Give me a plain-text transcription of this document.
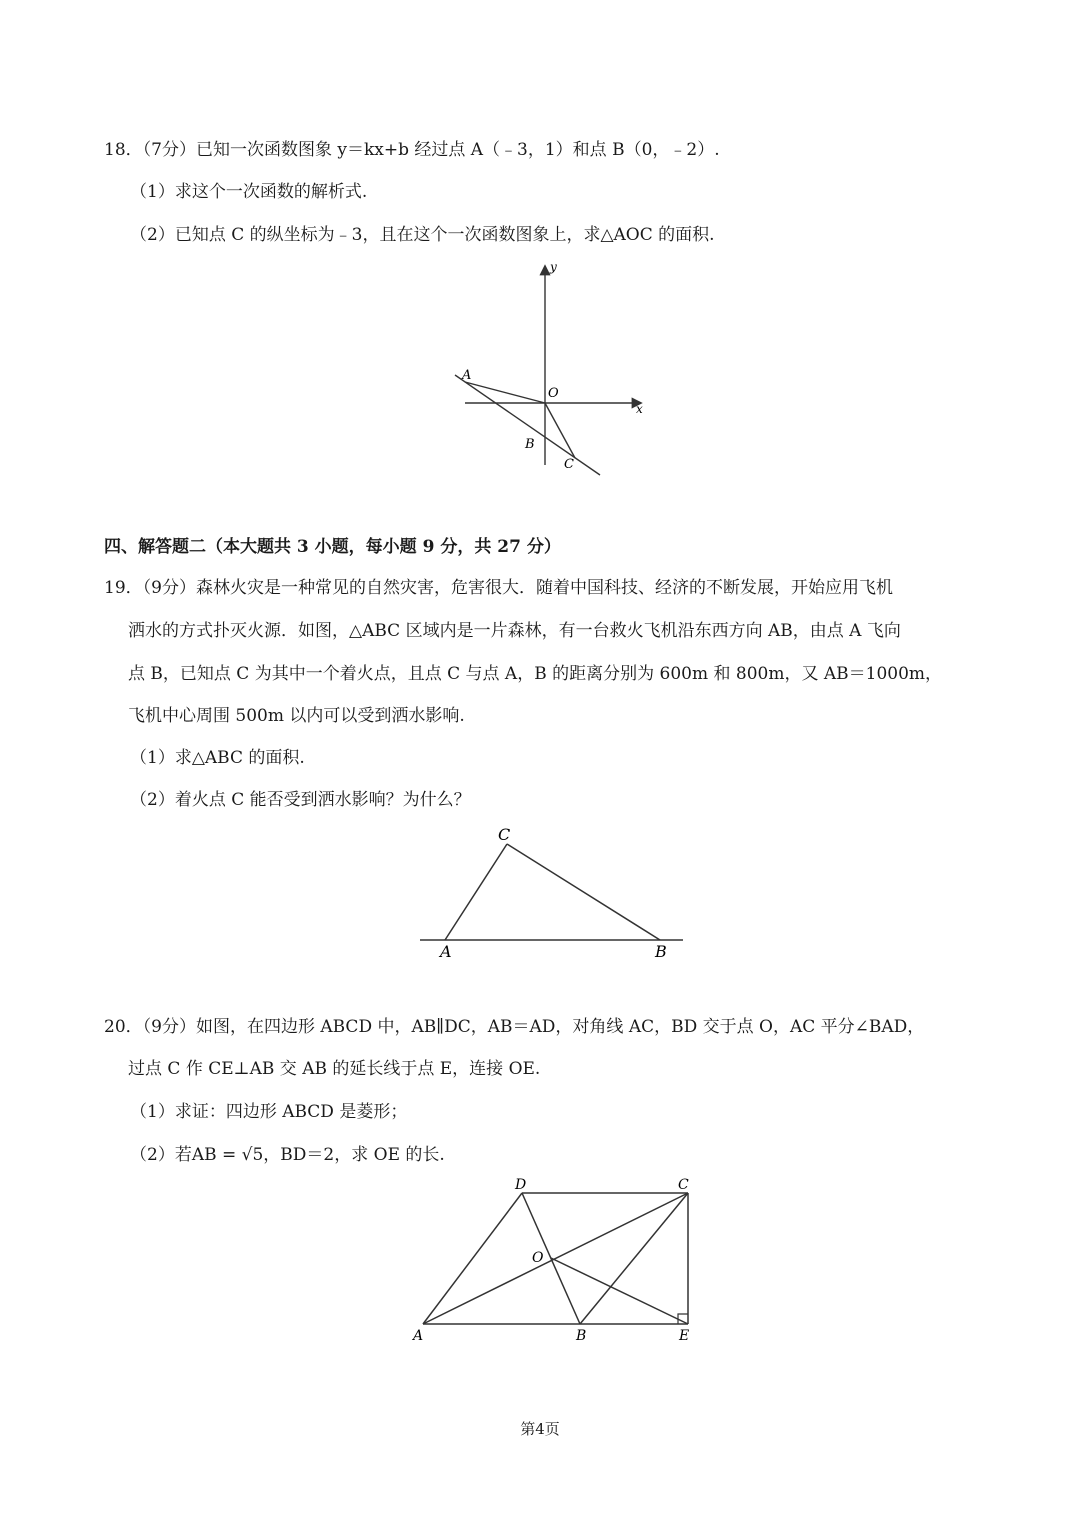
18．（7分）已知一次函数图象 y＝kx+b 经过点 A（﹣3，1）和点 B（0，﹣2）.
（1）求这个一次函数的解析式.
（2）已知点 C 的纵坐标为﹣3，且在这个一次函数图象上，求△AOC 的面积.
y
x
A
O
B
C
四、解答题二（本大题共 3 小题，每小题 9 分，共 27 分）
19．（9分）森林火灾是一种常见的自然灾害，危害很大．随着中国科技、经济的不断发展，开始应用飞机
洒水的方式扑灭火源．如图，△ABC 区域内是一片森林，有一台救火飞机沿东西方向 AB，由点 A 飞向
点 B，已知点 C 为其中一个着火点，且点 C 与点 A，B 的距离分别为 600m 和 800m，又 AB＝1000m，
飞机中心周围 500m 以内可以受到洒水影响.
（1）求△ABC 的面积.
（2）着火点 C 能否受到洒水影响？为什么？
C
A	B
20．（9分）如图，在四边形 ABCD 中，AB∥DC，AB＝AD，对角线 AC，BD 交于点 O，AC 平分∠BAD，
过点 C 作 CE⊥AB 交 AB 的延长线于点 E，连接 OE.
（1）求证：四边形 ABCD 是菱形；
（2）若AB = √5，BD＝2，求 OE 的长.
D	C
O
A	B	E
第4页
